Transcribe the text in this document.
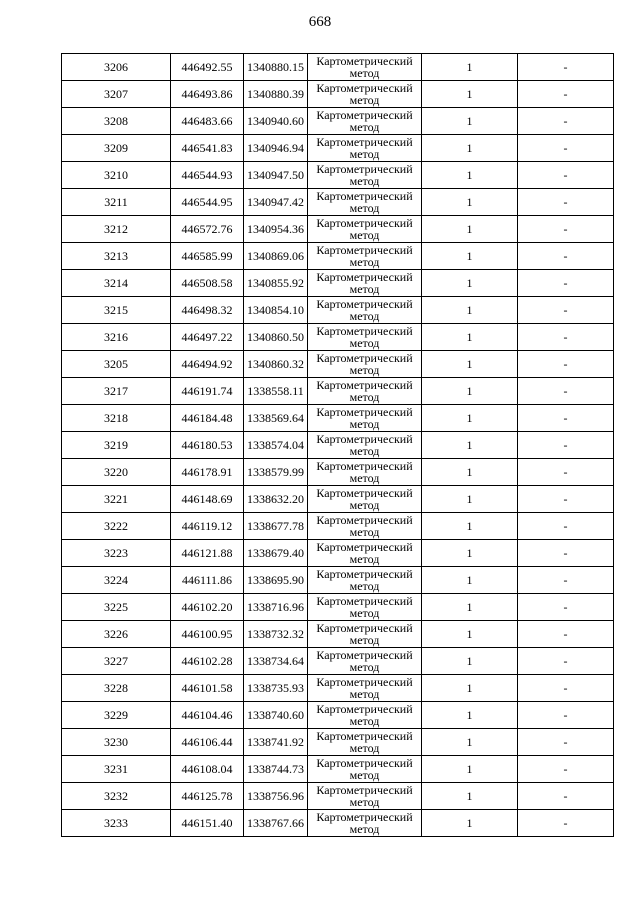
668
3206	446492.55	1340880.15	Картометрический
метод	1	-
3207	446493.86	1340880.39	Картометрический
метод	1	-
3208	446483.66	1340940.60	Картометрический
метод	1	-
3209	446541.83	1340946.94	Картометрический
метод	1	-
3210	446544.93	1340947.50	Картометрический
метод	1	-
3211	446544.95	1340947.42	Картометрический
метод	1	-
3212	446572.76	1340954.36	Картометрический
метод	1	-
3213	446585.99	1340869.06	Картометрический
метод	1	-
3214	446508.58	1340855.92	Картометрический
метод	1	-
3215	446498.32	1340854.10	Картометрический
метод	1	-
3216	446497.22	1340860.50	Картометрический
метод	1	-
3205	446494.92	1340860.32	Картометрический
метод	1	-
3217	446191.74	1338558.11	Картометрический
метод	1	-
3218	446184.48	1338569.64	Картометрический
метод	1	-
3219	446180.53	1338574.04	Картометрический
метод	1	-
3220	446178.91	1338579.99	Картометрический
метод	1	-
3221	446148.69	1338632.20	Картометрический
метод	1	-
3222	446119.12	1338677.78	Картометрический
метод	1	-
3223	446121.88	1338679.40	Картометрический
метод	1	-
3224	446111.86	1338695.90	Картометрический
метод	1	-
3225	446102.20	1338716.96	Картометрический
метод	1	-
3226	446100.95	1338732.32	Картометрический
метод	1	-
3227	446102.28	1338734.64	Картометрический
метод	1	-
3228	446101.58	1338735.93	Картометрический
метод	1	-
3229	446104.46	1338740.60	Картометрический
метод	1	-
3230	446106.44	1338741.92	Картометрический
метод	1	-
3231	446108.04	1338744.73	Картометрический
метод	1	-
3232	446125.78	1338756.96	Картометрический
метод	1	-
3233	446151.40	1338767.66	Картометрический
метод	1	-
